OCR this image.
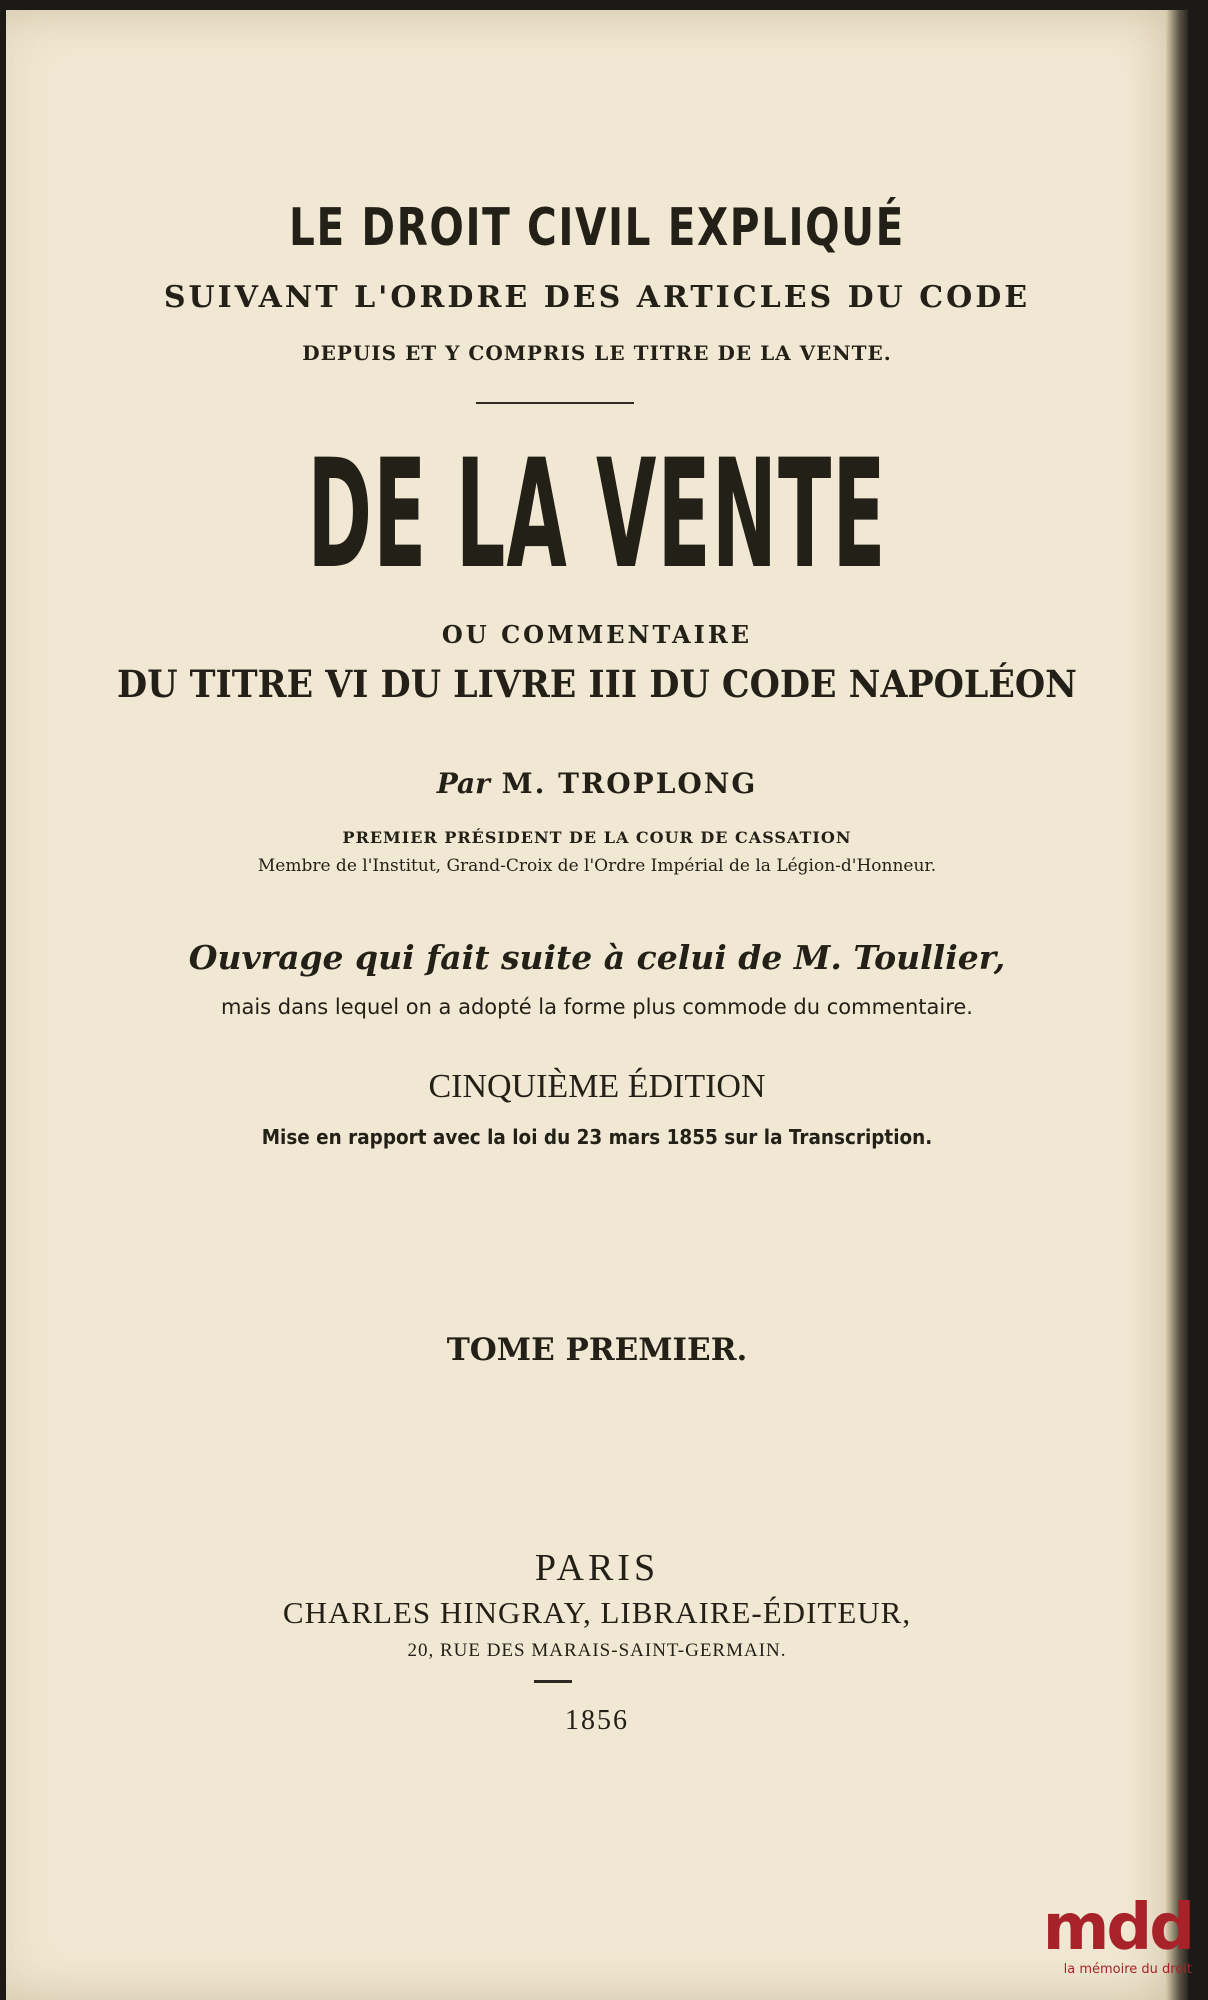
LE DROIT CIVIL EXPLIQUÉ
SUIVANT L'ORDRE DES ARTICLES DU CODE
DEPUIS ET Y COMPRIS LE TITRE DE LA VENTE.
DE LA VENTE
OU COMMENTAIRE
DU TITRE VI DU LIVRE III DU CODE NAPOLÉON
Par M. TROPLONG
PREMIER PRÉSIDENT DE LA COUR DE CASSATION
Membre de l'Institut, Grand-Croix de l'Ordre Impérial de la Légion-d'Honneur.
Ouvrage qui fait suite à celui de M. Toullier,
mais dans lequel on a adopté la forme plus commode du commentaire.
CINQUIÈME ÉDITION
Mise en rapport avec la loi du 23 mars 1855 sur la Transcription.
TOME PREMIER.
PARIS
CHARLES HINGRAY, LIBRAIRE-ÉDITEUR,
20, RUE DES MARAIS-SAINT-GERMAIN.
1856
mdd
la mémoire du droit
